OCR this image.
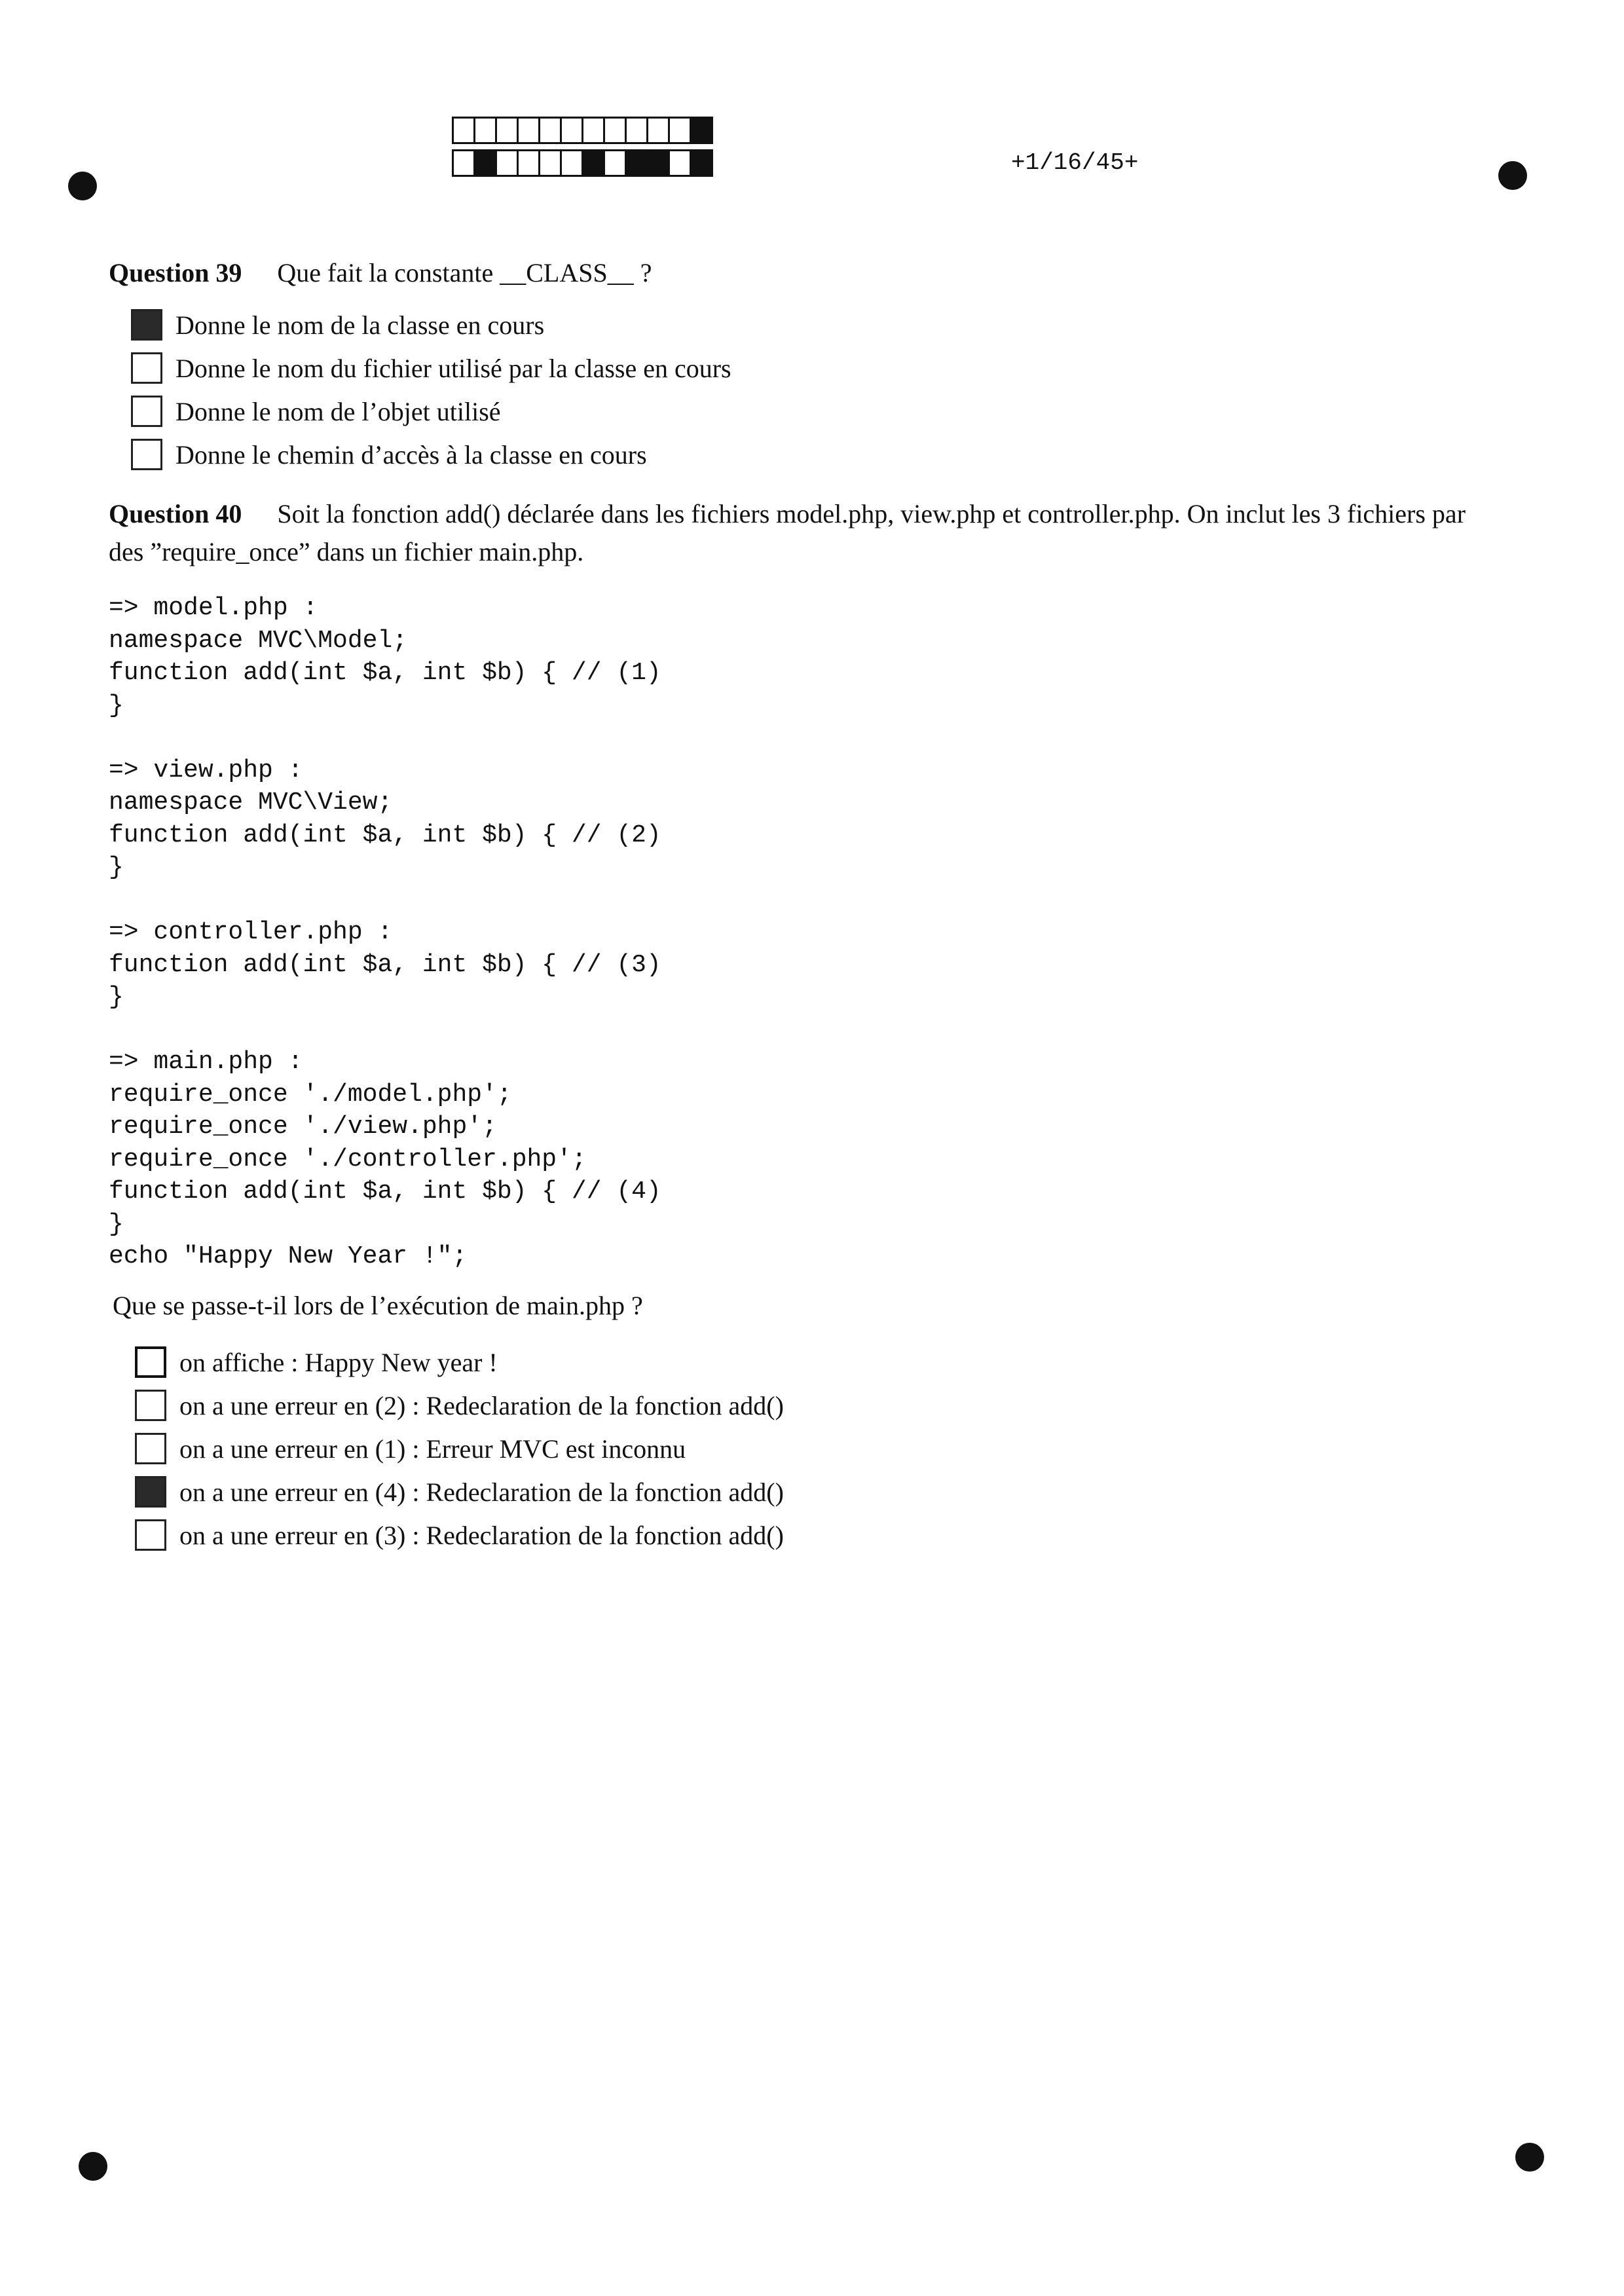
+1/16/45+
Question 39 Que fait la constante __CLASS__ ?
Donne le nom de la classe en cours
Donne le nom du fichier utilisé par la classe en cours
Donne le nom de l’objet utilisé
Donne le chemin d’accès à la classe en cours
Question 40 Soit la fonction add() déclarée dans les fichiers model.php, view.php et controller.php. On inclut les 3 fichiers par des ”require_once” dans un fichier main.php.
=> model.php :
namespace MVC\Model;
function add(int $a, int $b) { // (1)
}

=> view.php :
namespace MVC\View;
function add(int $a, int $b) { // (2)
}

=> controller.php :
function add(int $a, int $b) { // (3)
}

=> main.php :
require_once './model.php';
require_once './view.php';
require_once './controller.php';
function add(int $a, int $b) { // (4)
}
echo "Happy New Year !";
Que se passe-t-il lors de l’exécution de main.php ?
on affiche : Happy New year !
on a une erreur en (2) : Redeclaration de la fonction add()
on a une erreur en (1) : Erreur MVC est inconnu
on a une erreur en (4) : Redeclaration de la fonction add()
on a une erreur en (3) : Redeclaration de la fonction add()
